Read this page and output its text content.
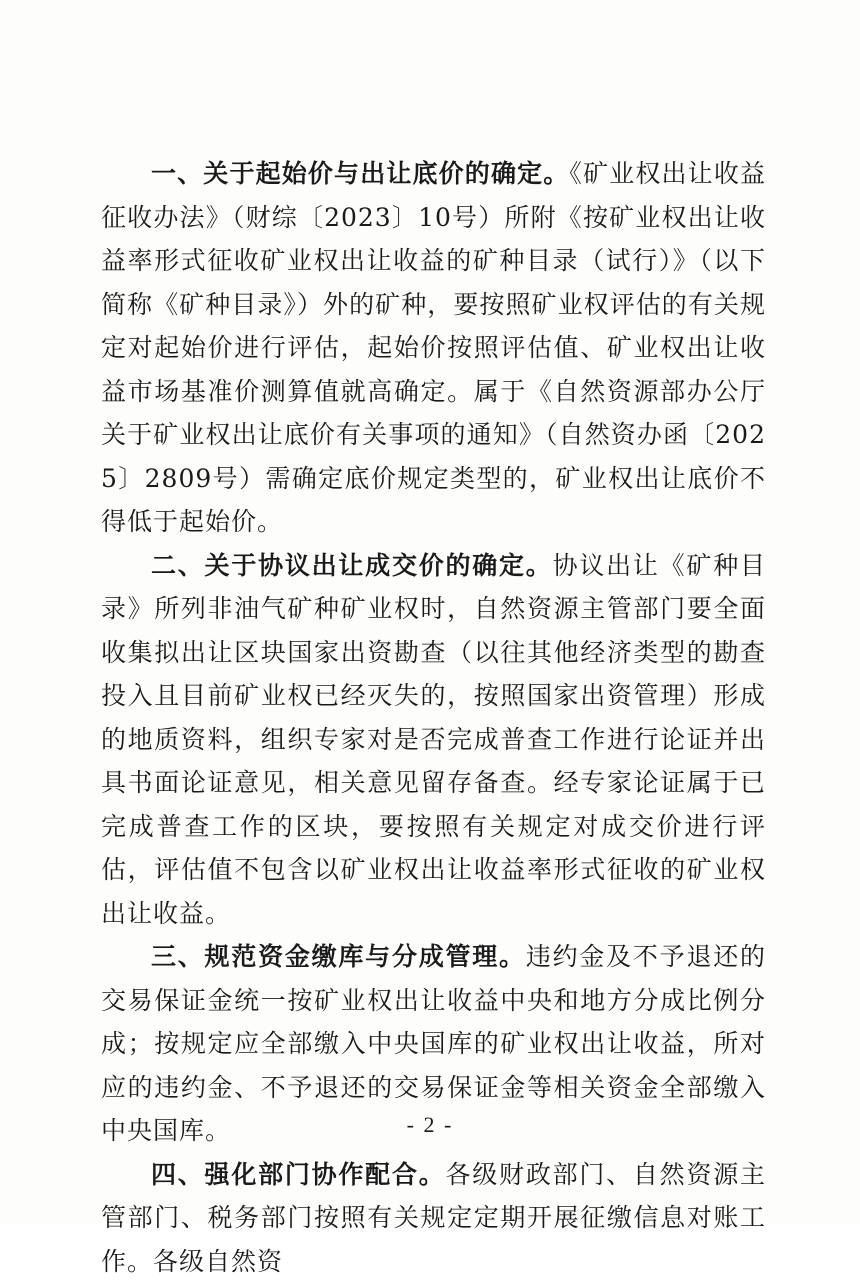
一、关于起始价与出让底价的确定。《矿业权出让收益征收办法》（财综〔2023〕10号）所附《按矿业权出让收益率形式征收矿业权出让收益的矿种目录（试行）》（以下简称《矿种目录》）外的矿种，要按照矿业权评估的有关规定对起始价进行评估，起始价按照评估值、矿业权出让收益市场基准价测算值就高确定。属于《自然资源部办公厅关于矿业权出让底价有关事项的通知》（自然资办函〔2025〕2809号）需确定底价规定类型的，矿业权出让底价不得低于起始价。

二、关于协议出让成交价的确定。协议出让《矿种目录》所列非油气矿种矿业权时，自然资源主管部门要全面收集拟出让区块国家出资勘查（以往其他经济类型的勘查投入且目前矿业权已经灭失的，按照国家出资管理）形成的地质资料，组织专家对是否完成普查工作进行论证并出具书面论证意见，相关意见留存备查。经专家论证属于已完成普查工作的区块，要按照有关规定对成交价进行评估，评估值不包含以矿业权出让收益率形式征收的矿业权出让收益。

三、规范资金缴库与分成管理。违约金及不予退还的交易保证金统一按矿业权出让收益中央和地方分成比例分成；按规定应全部缴入中央国库的矿业权出让收益，所对应的违约金、不予退还的交易保证金等相关资金全部缴入中央国库。

四、强化部门协作配合。各级财政部门、自然资源主管部门、税务部门按照有关规定定期开展征缴信息对账工作。各级自然资

- 2 -
